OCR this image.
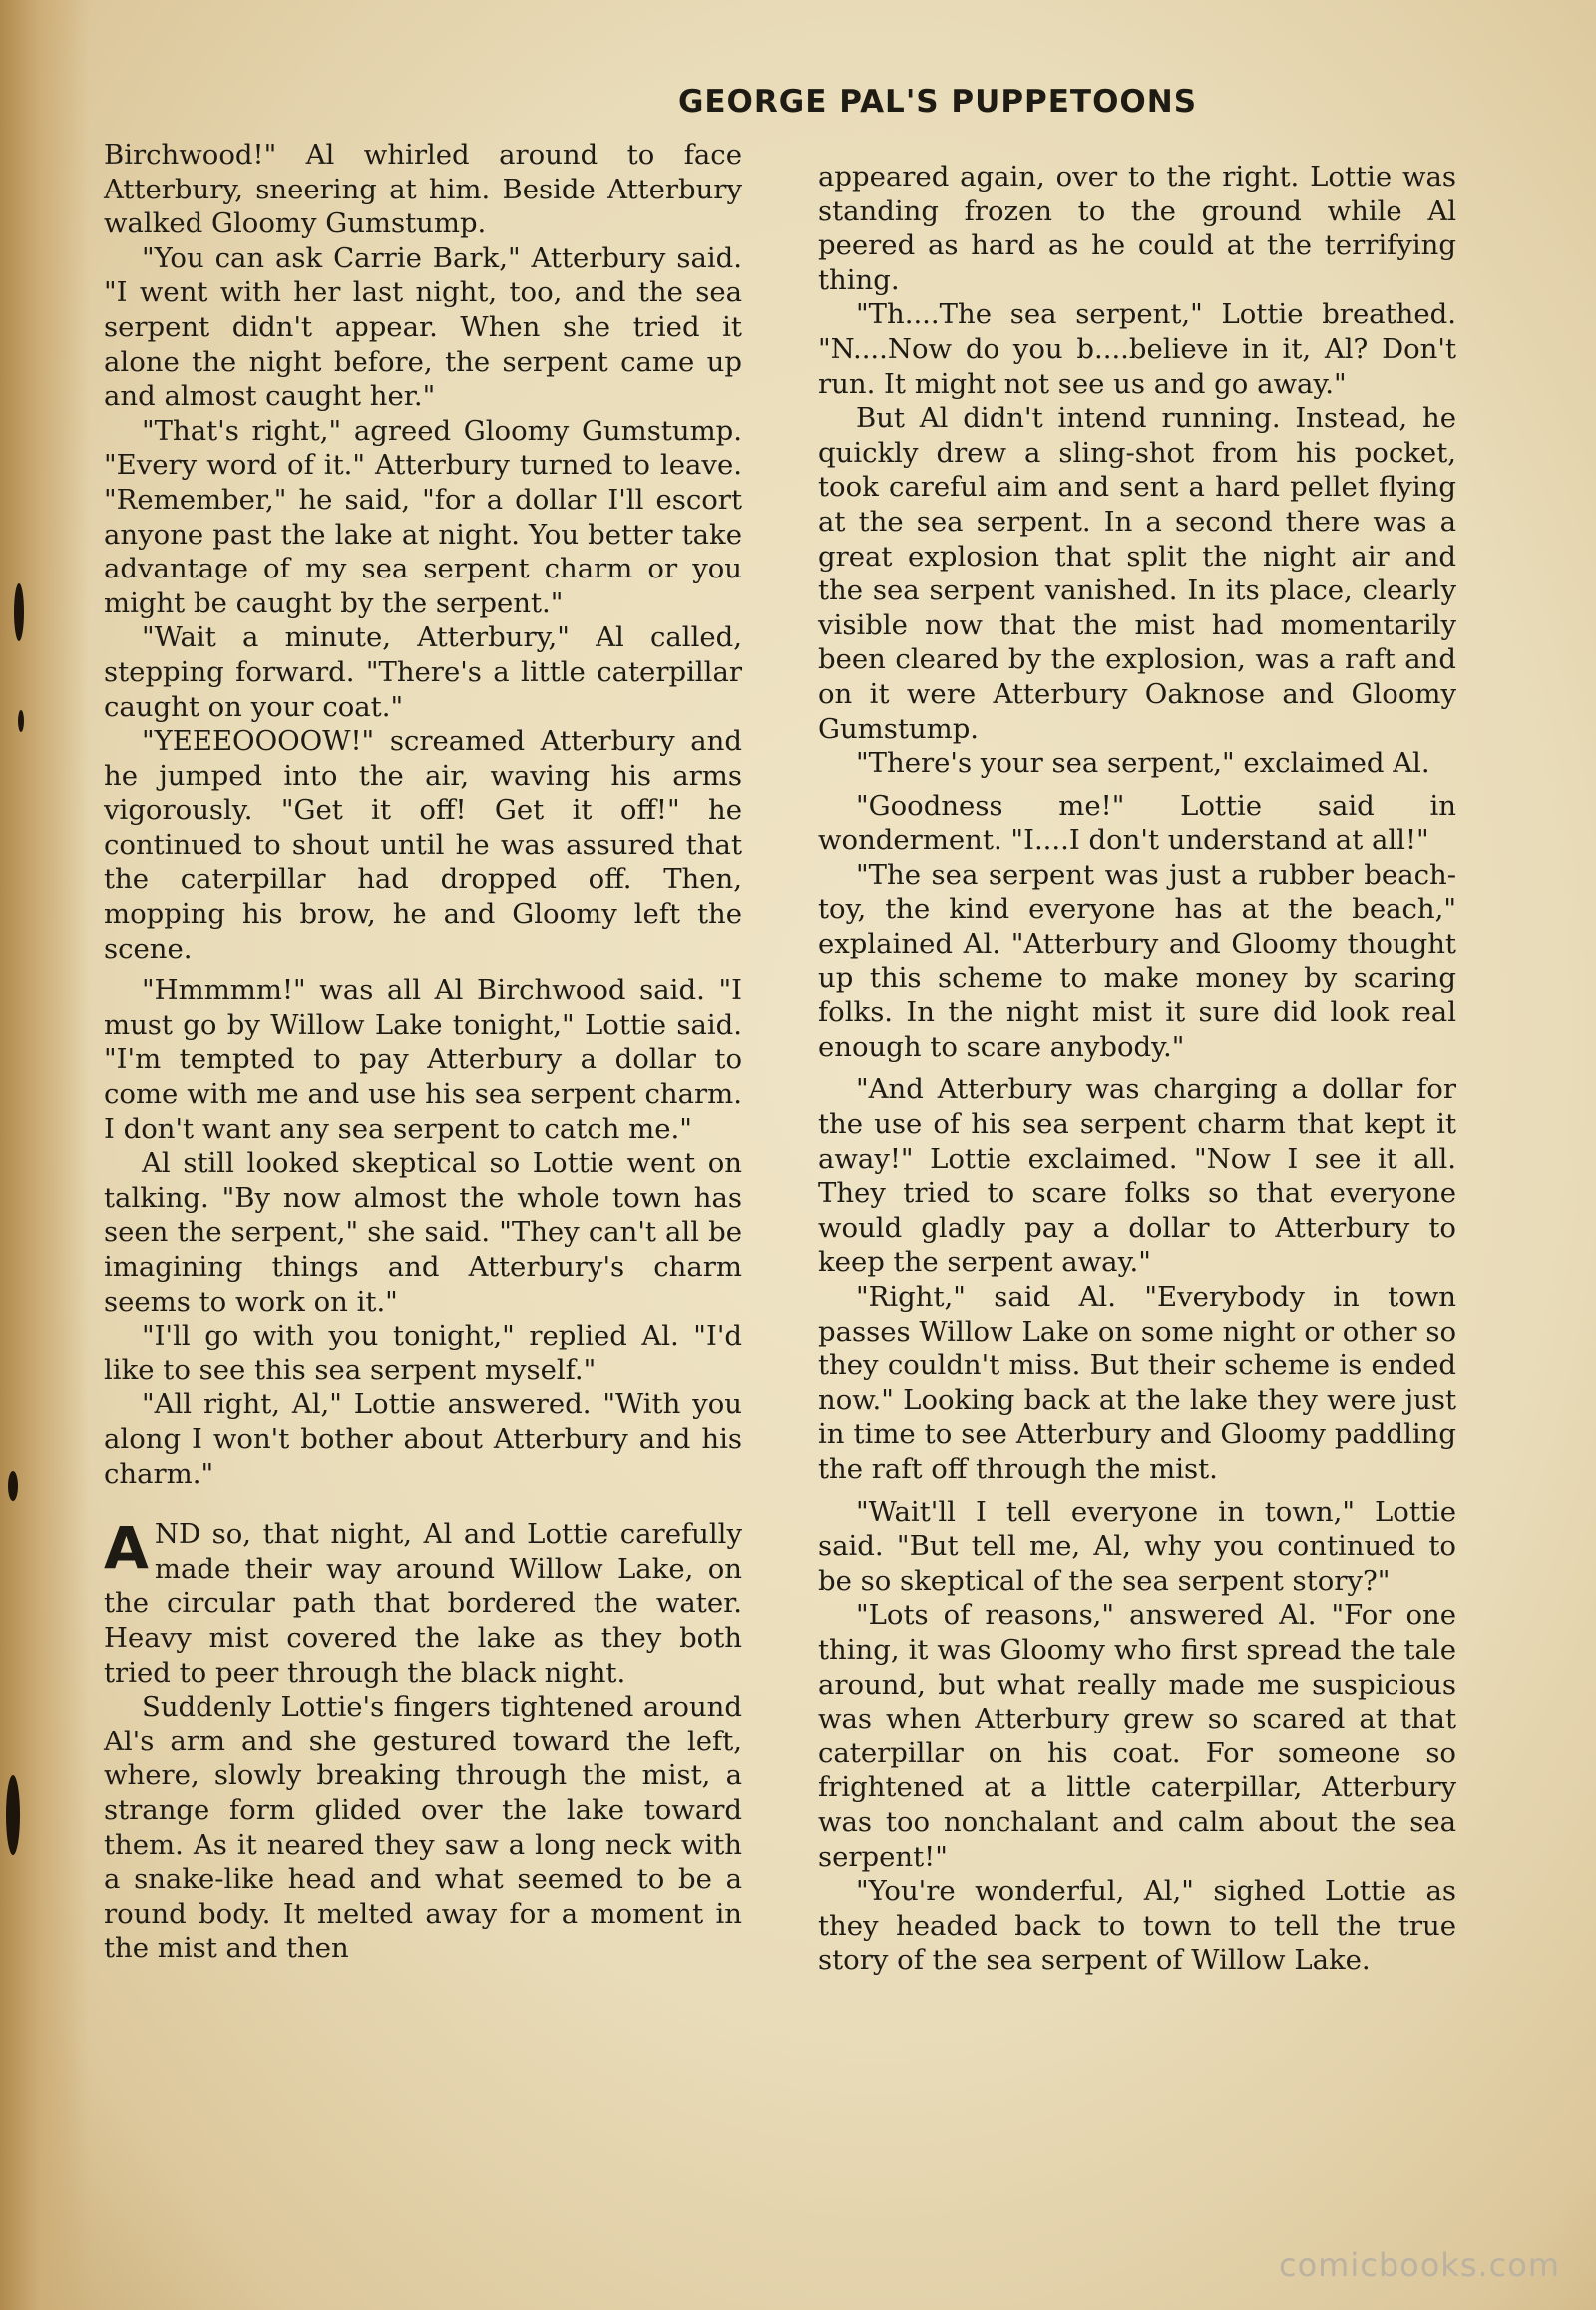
GEORGE PAL'S PUPPETOONS

Birchwood!" Al whirled around to face Atterbury, sneering at him. Beside Atterbury walked Gloomy Gumstump.

"You can ask Carrie Bark," Atterbury said. "I went with her last night, too, and the sea serpent didn't appear. When she tried it alone the night before, the serpent came up and almost caught her."

"That's right," agreed Gloomy Gumstump. "Every word of it." Atterbury turned to leave. "Remember," he said, "for a dollar I'll escort anyone past the lake at night. You better take advantage of my sea serpent charm or you might be caught by the serpent."

"Wait a minute, Atterbury," Al called, stepping forward. "There's a little caterpillar caught on your coat."

"YEEEOOOOW!" screamed Atterbury and he jumped into the air, waving his arms vigorously. "Get it off! Get it off!" he continued to shout until he was assured that the caterpillar had dropped off. Then, mopping his brow, he and Gloomy left the scene.

"Hmmmm!" was all Al Birchwood said. "I must go by Willow Lake tonight," Lottie said. "I'm tempted to pay Atterbury a dollar to come with me and use his sea serpent charm. I don't want any sea serpent to catch me."

Al still looked skeptical so Lottie went on talking. "By now almost the whole town has seen the serpent," she said. "They can't all be imagining things and Atterbury's charm seems to work on it."

"I'll go with you tonight," replied Al. "I'd like to see this sea serpent myself."

"All right, Al," Lottie answered. "With you along I won't bother about Atterbury and his charm."

AND so, that night, Al and Lottie carefully made their way around Willow Lake, on the circular path that bordered the water. Heavy mist covered the lake as they both tried to peer through the black night.

Suddenly Lottie's fingers tightened around Al's arm and she gestured toward the left, where, slowly breaking through the mist, a strange form glided over the lake toward them. As it neared they saw a long neck with a snake-like head and what seemed to be a round body. It melted away for a moment in the mist and then

appeared again, over to the right. Lottie was standing frozen to the ground while Al peered as hard as he could at the terrifying thing.

"Th....The sea serpent," Lottie breathed. "N....Now do you b....believe in it, Al? Don't run. It might not see us and go away."

But Al didn't intend running. Instead, he quickly drew a sling-shot from his pocket, took careful aim and sent a hard pellet flying at the sea serpent. In a second there was a great explosion that split the night air and the sea serpent vanished. In its place, clearly visible now that the mist had momentarily been cleared by the explosion, was a raft and on it were Atterbury Oaknose and Gloomy Gumstump.

"There's your sea serpent," exclaimed Al.

"Goodness me!" Lottie said in wonderment. "I....I don't understand at all!"

"The sea serpent was just a rubber beach-toy, the kind everyone has at the beach," explained Al. "Atterbury and Gloomy thought up this scheme to make money by scaring folks. In the night mist it sure did look real enough to scare anybody."

"And Atterbury was charging a dollar for the use of his sea serpent charm that kept it away!" Lottie exclaimed. "Now I see it all. They tried to scare folks so that everyone would gladly pay a dollar to Atterbury to keep the serpent away."

"Right," said Al. "Everybody in town passes Willow Lake on some night or other so they couldn't miss. But their scheme is ended now." Looking back at the lake they were just in time to see Atterbury and Gloomy paddling the raft off through the mist.

"Wait'll I tell everyone in town," Lottie said. "But tell me, Al, why you continued to be so skeptical of the sea serpent story?"

"Lots of reasons," answered Al. "For one thing, it was Gloomy who first spread the tale around, but what really made me suspicious was when Atterbury grew so scared at that caterpillar on his coat. For someone so frightened at a little caterpillar, Atterbury was too nonchalant and calm about the sea serpent!"

"You're wonderful, Al," sighed Lottie as they headed back to town to tell the true story of the sea serpent of Willow Lake.

comicbooks.com
